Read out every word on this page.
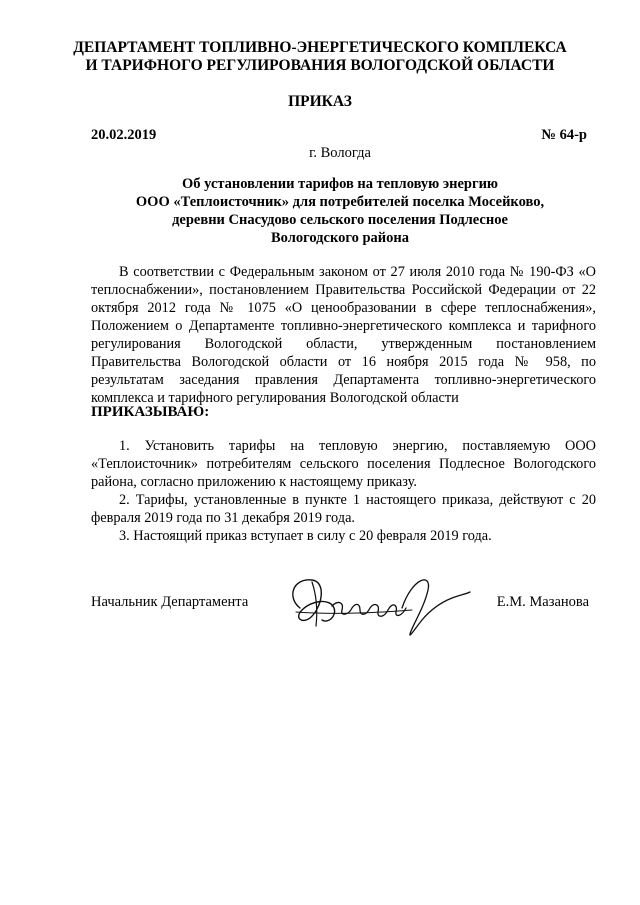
ДЕПАРТАМЕНТ ТОПЛИВНО-ЭНЕРГЕТИЧЕСКОГО КОМПЛЕКСА
И ТАРИФНОГО РЕГУЛИРОВАНИЯ ВОЛОГОДСКОЙ ОБЛАСТИ
ПРИКАЗ
20.02.2019	№ 64-р
г. Вологда
Об установлении тарифов на тепловую энергию
ООО «Теплоисточник» для потребителей поселка Мосейково,
деревни Снасудово сельского поселения Подлесное
Вологодского района

В соответствии с Федеральным законом от 27 июля 2010 года № 190-ФЗ «О теплоснабжении», постановлением Правительства Российской Федерации от 22 октября 2012 года № 1075 «О ценообразовании в сфере теплоснабжения», Положением о Департаменте топливно-энергетического комплекса и тарифного регулирования Вологодской области, утвержденным постановлением Правительства Вологодской области от 16 ноября 2015 года № 958, по результатам заседания правления Департамента топливно-энергетического комплекса и тарифного регулирования Вологодской области

ПРИКАЗЫВАЮ:

1. Установить тарифы на тепловую энергию, поставляемую ООО «Теплоисточник» потребителям сельского поселения Подлесное Вологодского района, согласно приложению к настоящему приказу.

2. Тарифы, установленные в пункте 1 настоящего приказа, действуют с 20 февраля 2019 года по 31 декабря 2019 года.

3. Настоящий приказ вступает в силу с 20 февраля 2019 года.

Начальник Департамента	Е.М. Мазанова
